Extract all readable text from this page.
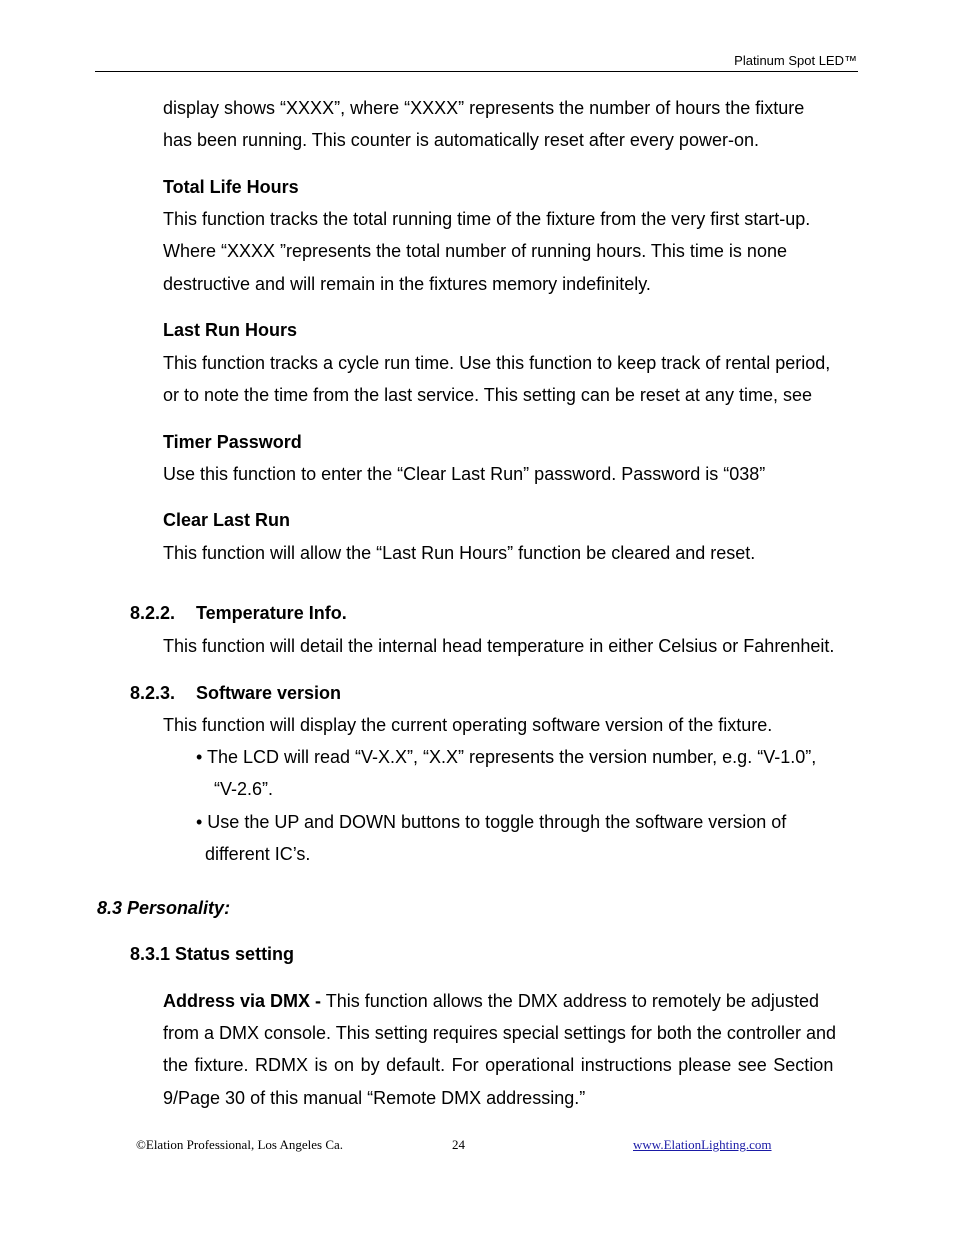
Platinum Spot LED™

display shows “XXXX”, where “XXXX” represents the number of hours the fixture

has been running. This counter is automatically reset after every power-on.

Total Life Hours

This function tracks the total running time of the fixture from the very first start-up.

Where “XXXX ”represents the total number of running hours. This time is none

destructive and will remain in the fixtures memory indefinitely.

Last Run Hours

This function tracks a cycle run time. Use this function to keep track of rental period,

or to note the time from the last service. This setting can be reset at any time, see

Timer Password

Use this function to enter the “Clear Last Run” password. Password is “038”

Clear Last Run

This function will allow the “Last Run Hours” function be cleared and reset.

8.2.2. Temperature Info.

This function will detail the internal head temperature in either Celsius or Fahrenheit.

8.2.3. Software version

This function will display the current operating software version of the fixture.

• The LCD will read “V-X.X”, “X.X” represents the version number, e.g. “V-1.0”,

“V-2.6”.

• Use the UP and DOWN buttons to toggle through the software version of

different IC’s.

8.3 Personality:

8.3.1 Status setting

Address via DMX - This function allows the DMX address to remotely be adjusted

from a DMX console. This setting requires special settings for both the controller and

the fixture. RDMX is on by default. For operational instructions please see Section

9/Page 30 of this manual “Remote DMX addressing.”

©Elation Professional, Los Angeles Ca.	24	www.ElationLighting.com
